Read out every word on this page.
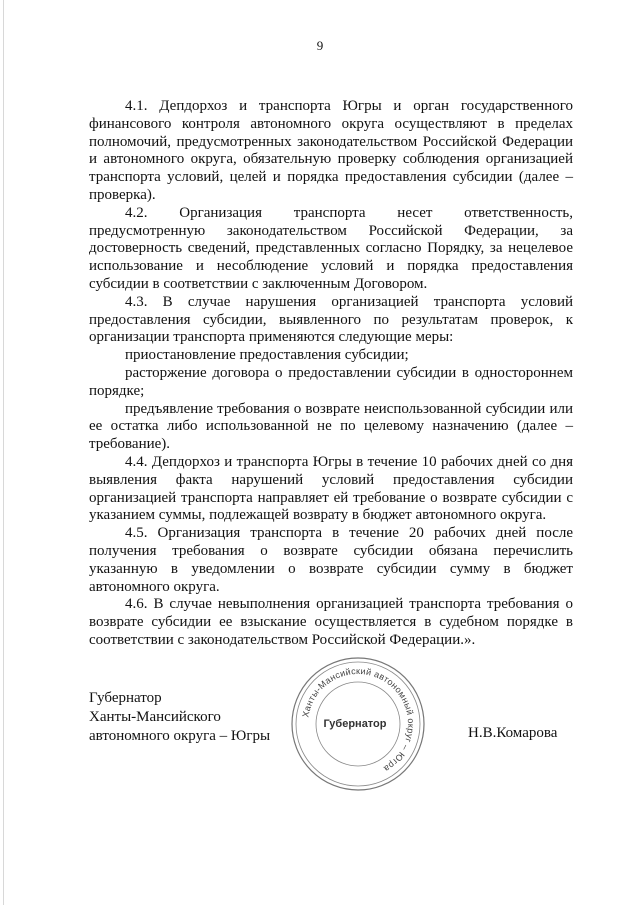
9

4.1. Депдорхоз и транспорта Югры и орган государственного финансового контроля автономного округа осуществляют в пределах полномочий, предусмотренных законодательством Российской Федерации и автономного округа, обязательную проверку соблюдения организацией транспорта условий, целей и порядка предоставления субсидии (далее – проверка).

4.2. Организация транспорта несет ответственность, предусмотренную законодательством Российской Федерации, за достоверность сведений, представленных согласно Порядку, за нецелевое использование и несоблюдение условий и порядка предоставления субсидии в соответствии с заключенным Договором.

4.3. В случае нарушения организацией транспорта условий предоставления субсидии, выявленного по результатам проверок, к организации транспорта применяются следующие меры:

приостановление предоставления субсидии;

расторжение договора о предоставлении субсидии в одностороннем порядке;

предъявление требования о возврате неиспользованной субсидии или ее остатка либо использованной не по целевому назначению (далее – требование).

4.4. Депдорхоз и транспорта Югры в течение 10 рабочих дней со дня выявления факта нарушений условий предоставления субсидии организацией транспорта направляет ей требование о возврате субсидии с указанием суммы, подлежащей возврату в бюджет автономного округа.

4.5. Организация транспорта в течение 20 рабочих дней после получения требования о возврате субсидии обязана перечислить указанную в уведомлении о возврате субсидии сумму в бюджет автономного округа.

4.6. В случае невыполнения организацией транспорта требования о возврате субсидии ее взыскание осуществляется в судебном порядке в соответствии с законодательством Российской Федерации.».

Губернатор
Ханты-Мансийского
автономного округа – Югры
Ханты-Мансийский автономный округ – Югра
Губернатор
Н.В.Комарова
